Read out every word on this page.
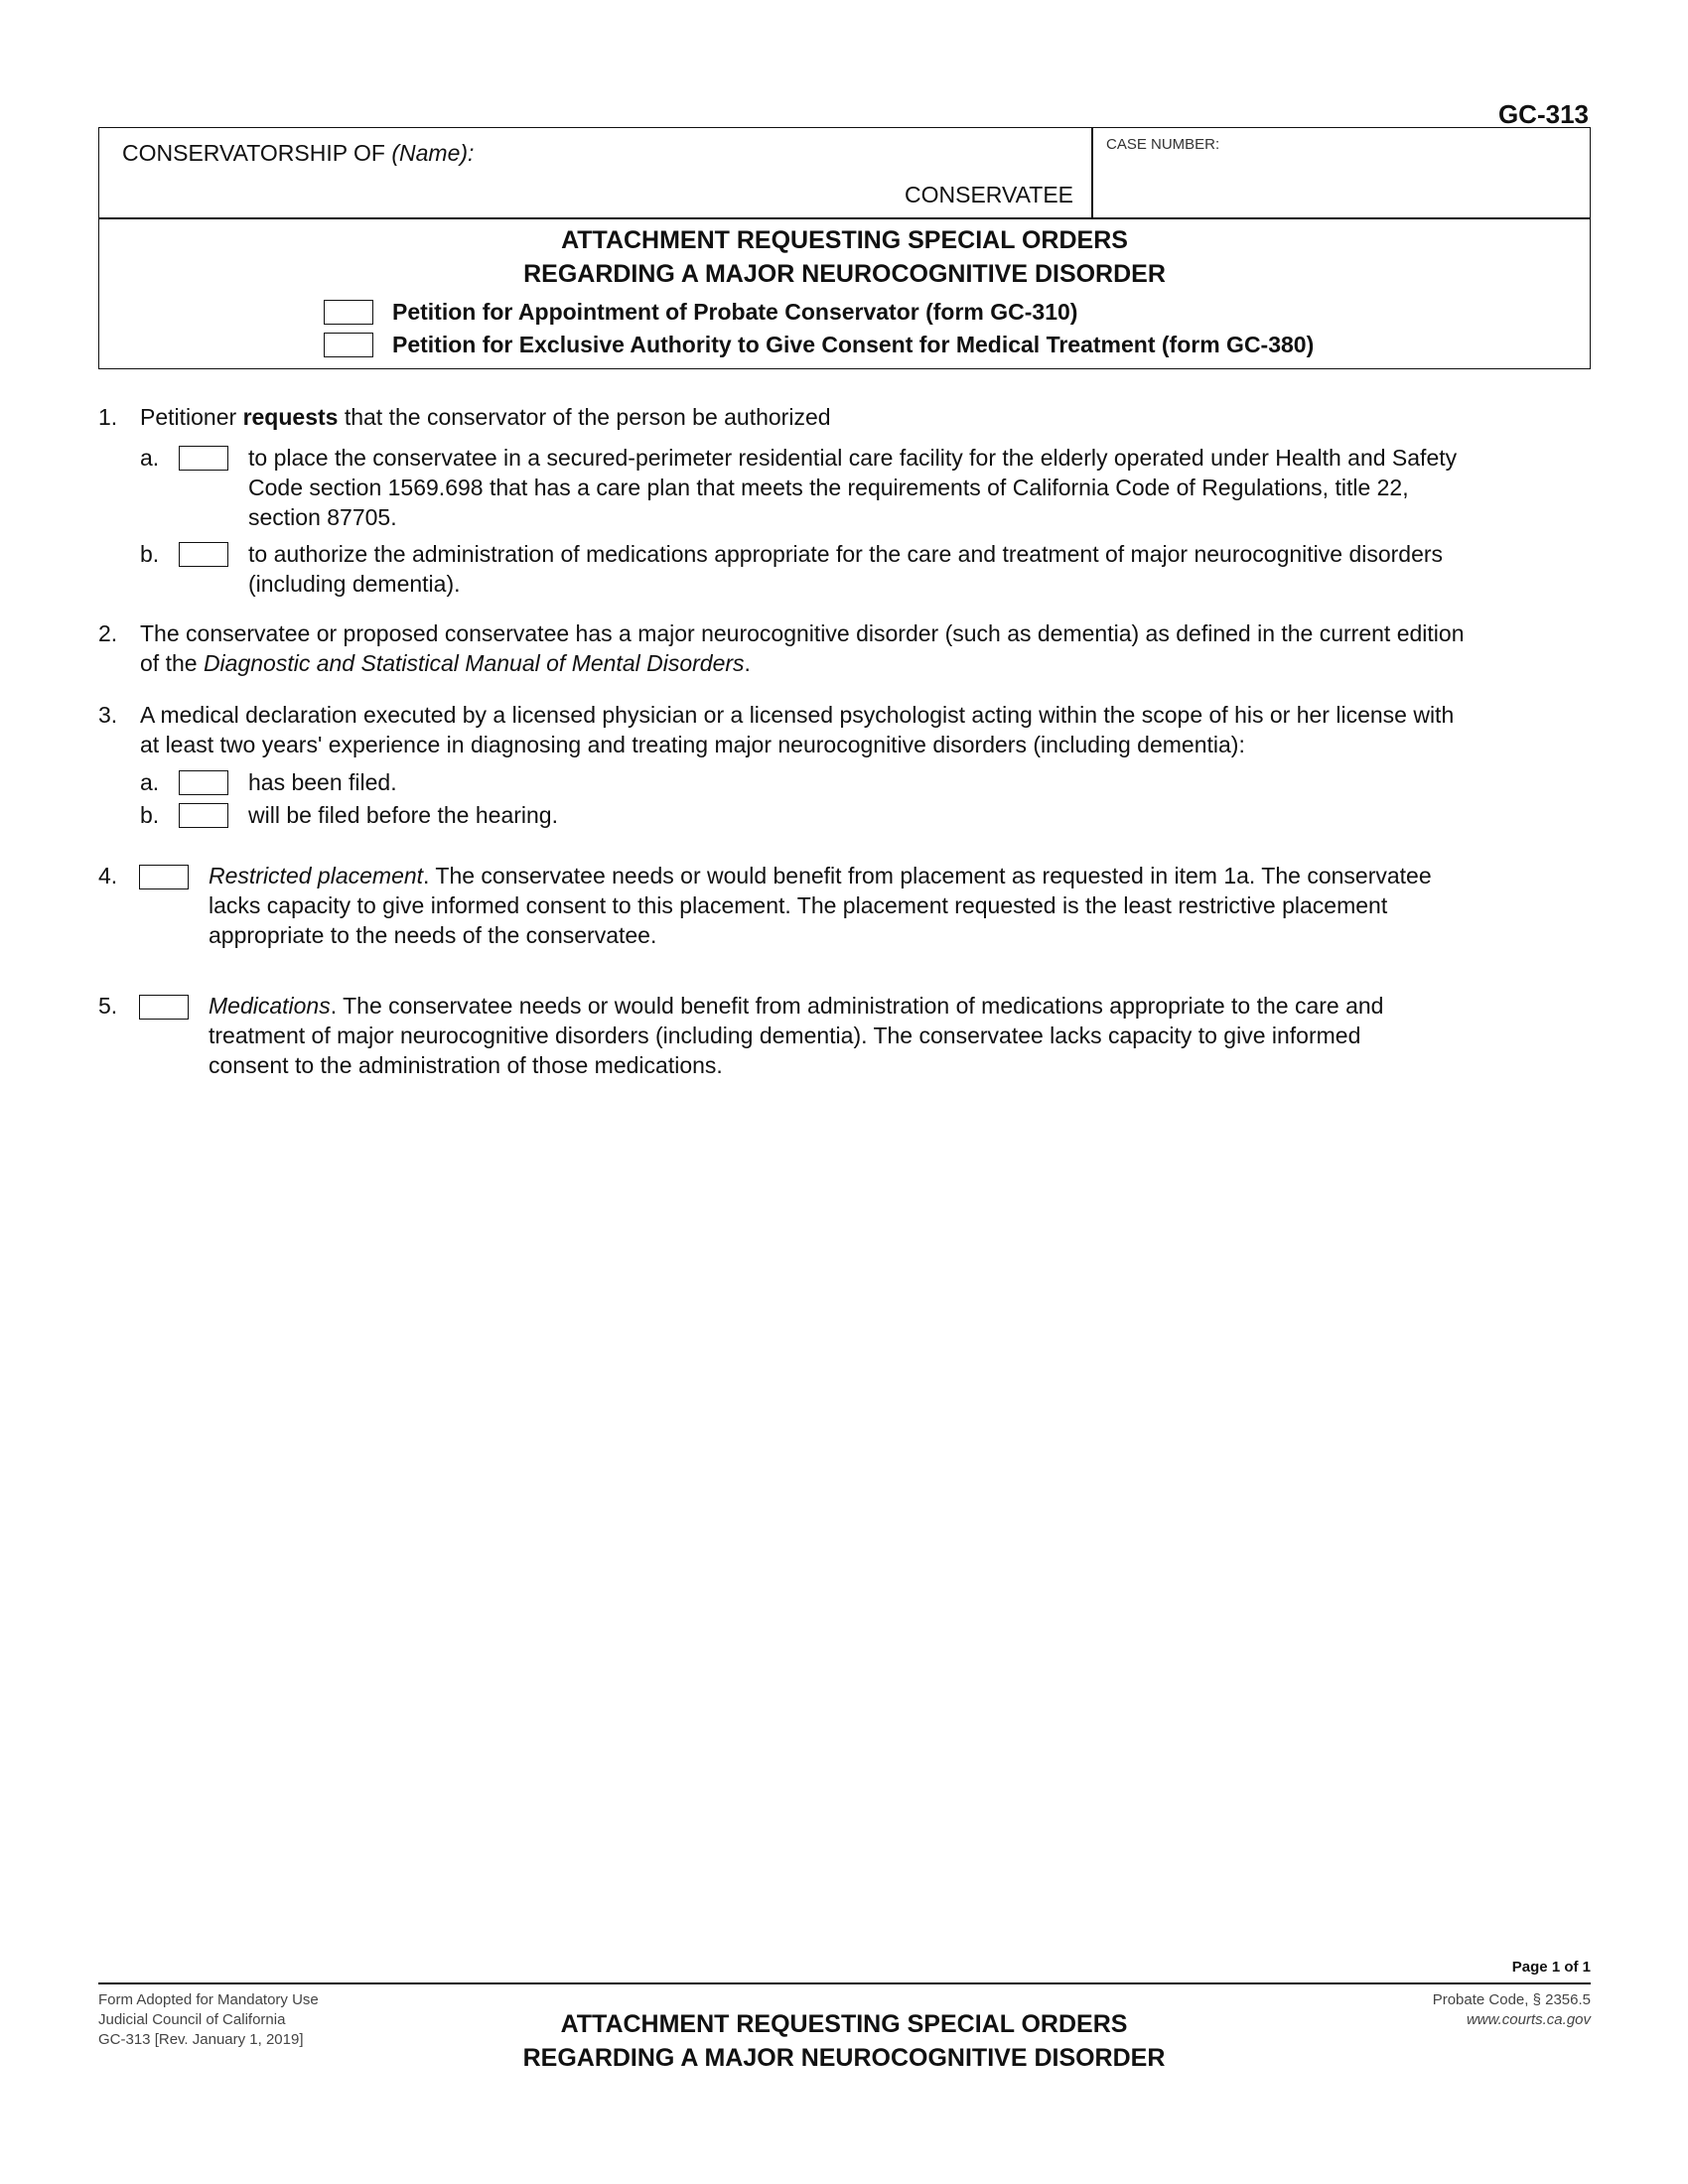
GC-313
CONSERVATORSHIP OF (Name):
CONSERVATEE
CASE NUMBER:
ATTACHMENT REQUESTING SPECIAL ORDERS
REGARDING A MAJOR NEUROCOGNITIVE DISORDER
Petition for Appointment of Probate Conservator (form GC-310)
Petition for Exclusive Authority to Give Consent for Medical Treatment (form GC-380)
1. Petitioner requests that the conservator of the person be authorized
a.	to place the conservatee in a secured-perimeter residential care facility for the elderly operated under Health and Safety
Code section 1569.698 that has a care plan that meets the requirements of California Code of Regulations, title 22,
section 87705.
b.	to authorize the administration of medications appropriate for the care and treatment of major neurocognitive disorders
(including dementia).
2. The conservatee or proposed conservatee has a major neurocognitive disorder (such as dementia) as defined in the current edition
of the Diagnostic and Statistical Manual of Mental Disorders.
3. A medical declaration executed by a licensed physician or a licensed psychologist acting within the scope of his or her license with
at least two years' experience in diagnosing and treating major neurocognitive disorders (including dementia):
a.	has been filed.
b.	will be filed before the hearing.
4.	Restricted placement. The conservatee needs or would benefit from placement as requested in item 1a. The conservatee
lacks capacity to give informed consent to this placement. The placement requested is the least restrictive placement
appropriate to the needs of the conservatee.
5.	Medications. The conservatee needs or would benefit from administration of medications appropriate to the care and
treatment of major neurocognitive disorders (including dementia). The conservatee lacks capacity to give informed
consent to the administration of those medications.
Page 1 of 1
Form Adopted for Mandatory Use
Judicial Council of California
GC-313 [Rev. January 1, 2019]
ATTACHMENT REQUESTING SPECIAL ORDERS
REGARDING A MAJOR NEUROCOGNITIVE DISORDER
Probate Code, § 2356.5
www.courts.ca.gov
